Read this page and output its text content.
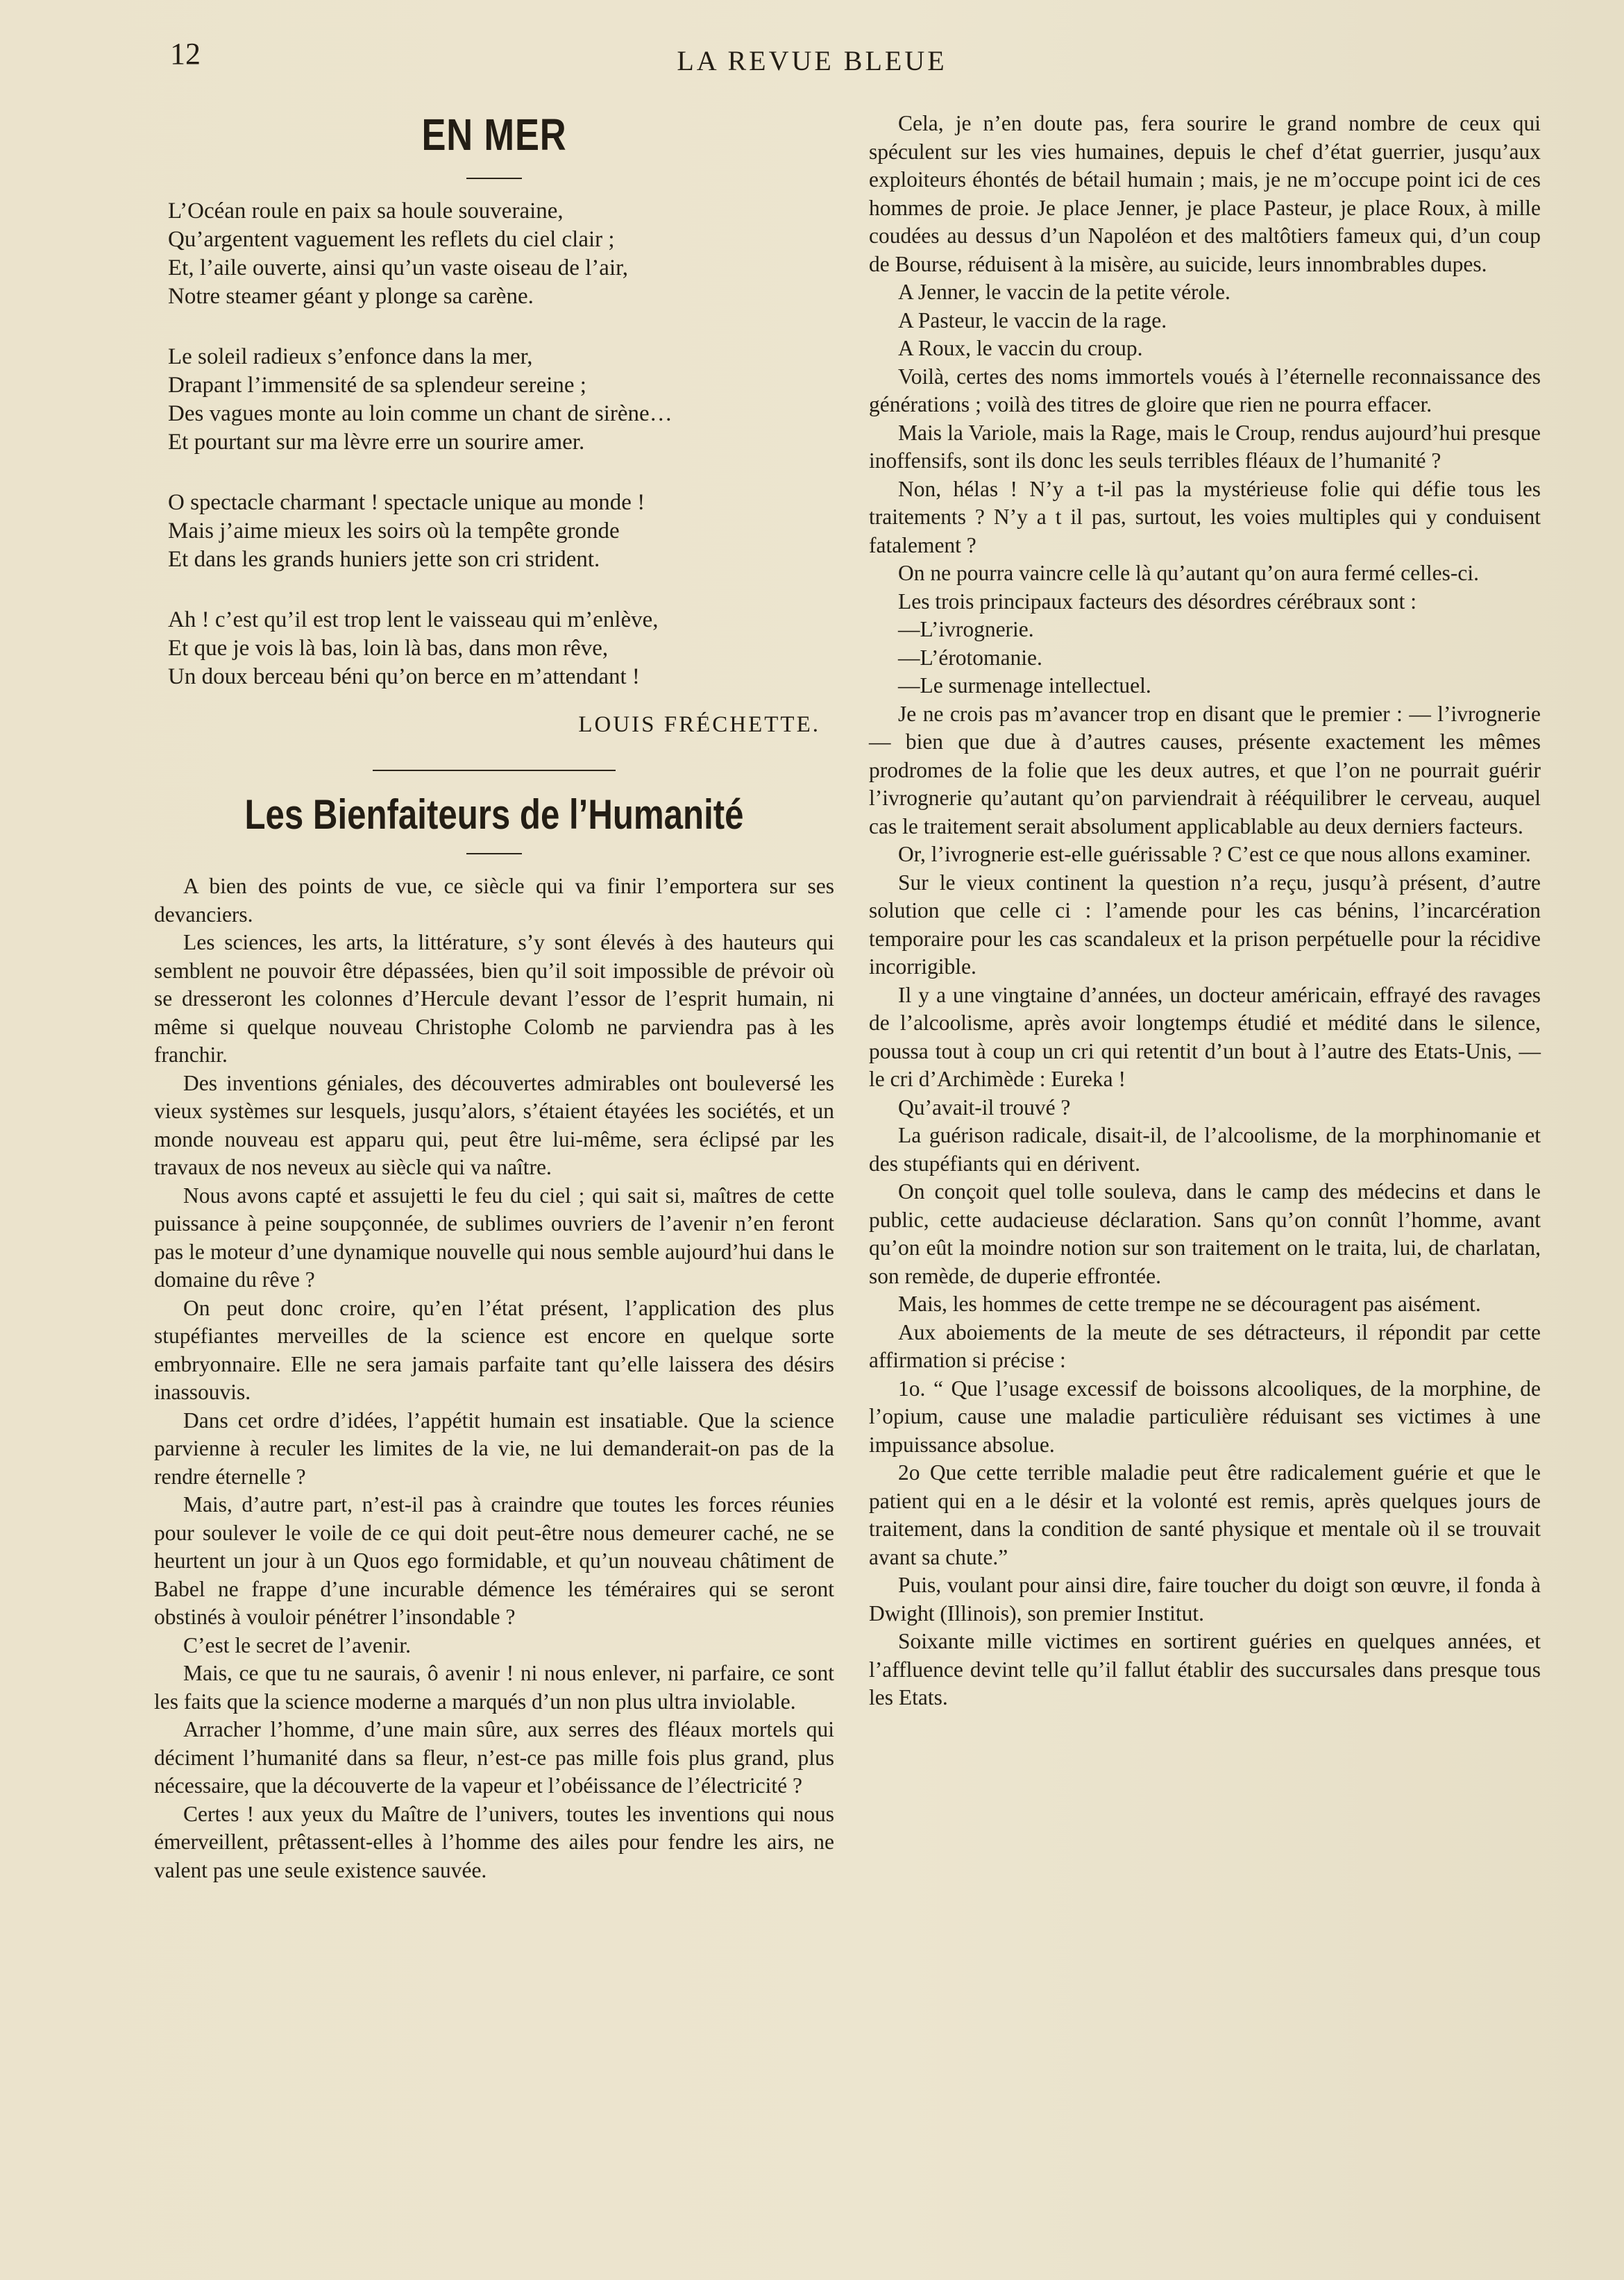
12	LA REVUE BLEUE
EN MER
L’Océan roule en paix sa houle souveraine,
Qu’argentent vaguement les reflets du ciel clair ;
Et, l’aile ouverte, ainsi qu’un vaste oiseau de l’air,
Notre steamer géant y plonge sa carène.
Le soleil radieux s’enfonce dans la mer,
Drapant l’immensité de sa splendeur sereine ;
Des vagues monte au loin comme un chant de sirène…
Et pourtant sur ma lèvre erre un sourire amer.
O spectacle charmant ! spectacle unique au monde !
Mais j’aime mieux les soirs où la tempête gronde
Et dans les grands huniers jette son cri strident.
Ah ! c’est qu’il est trop lent le vaisseau qui m’enlève,
Et que je vois là bas, loin là bas, dans mon rêve,
Un doux berceau béni qu’on berce en m’attendant !
LOUIS FRÉCHETTE.
Les Bienfaiteurs de l’Humanité

A bien des points de vue, ce siècle qui va finir l’emportera sur ses devanciers.

Les sciences, les arts, la littérature, s’y sont élevés à des hauteurs qui semblent ne pouvoir être dépassées, bien qu’il soit impossible de prévoir où se dresseront les colonnes d’Hercule devant l’essor de l’esprit humain, ni même si quelque nouveau Christophe Colomb ne parviendra pas à les franchir.

Des inventions géniales, des découvertes admirables ont bouleversé les vieux systèmes sur lesquels, jusqu’alors, s’étaient étayées les sociétés, et un monde nouveau est apparu qui, peut être lui-même, sera éclipsé par les travaux de nos neveux au siècle qui va naître.

Nous avons capté et assujetti le feu du ciel ; qui sait si, maîtres de cette puissance à peine soupçonnée, de sublimes ouvriers de l’avenir n’en feront pas le moteur d’une dynamique nouvelle qui nous semble aujourd’hui dans le domaine du rêve ?

On peut donc croire, qu’en l’état présent, l’application des plus stupéfiantes merveilles de la science est encore en quelque sorte embryonnaire. Elle ne sera jamais parfaite tant qu’elle laissera des désirs inassouvis.

Dans cet ordre d’idées, l’appétit humain est insatiable. Que la science parvienne à reculer les limites de la vie, ne lui demanderait-on pas de la rendre éternelle ?

Mais, d’autre part, n’est-il pas à craindre que toutes les forces réunies pour soulever le voile de ce qui doit peut-être nous demeurer caché, ne se heurtent un jour à un Quos ego formidable, et qu’un nouveau châtiment de Babel ne frappe d’une incurable démence les téméraires qui se seront obstinés à vouloir pénétrer l’insondable ?

C’est le secret de l’avenir.

Mais, ce que tu ne saurais, ô avenir ! ni nous enlever, ni parfaire, ce sont les faits que la science moderne a marqués d’un non plus ultra inviolable.

Arracher l’homme, d’une main sûre, aux serres des fléaux mortels qui déciment l’humanité dans sa fleur, n’est-ce pas mille fois plus grand, plus nécessaire, que la découverte de la vapeur et l’obéissance de l’électricité ?

Certes ! aux yeux du Maître de l’univers, toutes les inventions qui nous émerveillent, prêtassent-elles à l’homme des ailes pour fendre les airs, ne valent pas une seule existence sauvée.

Cela, je n’en doute pas, fera sourire le grand nombre de ceux qui spéculent sur les vies humaines, depuis le chef d’état guerrier, jusqu’aux exploiteurs éhontés de bétail humain ; mais, je ne m’occupe point ici de ces hommes de proie. Je place Jenner, je place Pasteur, je place Roux, à mille coudées au dessus d’un Napoléon et des maltôtiers fameux qui, d’un coup de Bourse, réduisent à la misère, au suicide, leurs innombrables dupes.

A Jenner, le vaccin de la petite vérole.

A Pasteur, le vaccin de la rage.

A Roux, le vaccin du croup.

Voilà, certes des noms immortels voués à l’éternelle reconnaissance des générations ; voilà des titres de gloire que rien ne pourra effacer.

Mais la Variole, mais la Rage, mais le Croup, rendus aujourd’hui presque inoffensifs, sont ils donc les seuls terribles fléaux de l’humanité ?

Non, hélas ! N’y a t-il pas la mystérieuse folie qui défie tous les traitements ? N’y a t il pas, surtout, les voies multiples qui y conduisent fatalement ?

On ne pourra vaincre celle là qu’autant qu’on aura fermé celles-ci.

Les trois principaux facteurs des désordres cérébraux sont :

—L’ivrognerie.

—L’érotomanie.

—Le surmenage intellectuel.

Je ne crois pas m’avancer trop en disant que le premier : — l’ivrognerie — bien que due à d’autres causes, présente exactement les mêmes prodromes de la folie que les deux autres, et que l’on ne pourrait guérir l’ivrognerie qu’autant qu’on parviendrait à rééquilibrer le cerveau, auquel cas le traitement serait absolument applicablable au deux derniers facteurs.

Or, l’ivrognerie est-elle guérissable ? C’est ce que nous allons examiner.

Sur le vieux continent la question n’a reçu, jusqu’à présent, d’autre solution que celle ci : l’amende pour les cas bénins, l’incarcération temporaire pour les cas scandaleux et la prison perpétuelle pour la récidive incorrigible.

Il y a une vingtaine d’années, un docteur américain, effrayé des ravages de l’alcoolisme, après avoir longtemps étudié et médité dans le silence, poussa tout à coup un cri qui retentit d’un bout à l’autre des Etats-Unis, — le cri d’Archimède : Eureka !

Qu’avait-il trouvé ?

La guérison radicale, disait-il, de l’alcoolisme, de la morphinomanie et des stupéfiants qui en dérivent.

On conçoit quel tolle souleva, dans le camp des médecins et dans le public, cette audacieuse déclaration. Sans qu’on connût l’homme, avant qu’on eût la moindre notion sur son traitement on le traita, lui, de charlatan, son remède, de duperie effrontée.

Mais, les hommes de cette trempe ne se découragent pas aisément.

Aux aboiements de la meute de ses détracteurs, il répondit par cette affirmation si précise :

1o. “ Que l’usage excessif de boissons alcooliques, de la morphine, de l’opium, cause une maladie particulière réduisant ses victimes à une impuissance absolue.

2o Que cette terrible maladie peut être radicalement guérie et que le patient qui en a le désir et la volonté est remis, après quelques jours de traitement, dans la condition de santé physique et mentale où il se trouvait avant sa chute.”

Puis, voulant pour ainsi dire, faire toucher du doigt son œuvre, il fonda à Dwight (Illinois), son premier Institut.

Soixante mille victimes en sortirent guéries en quelques années, et l’affluence devint telle qu’il fallut établir des succursales dans presque tous les Etats.
